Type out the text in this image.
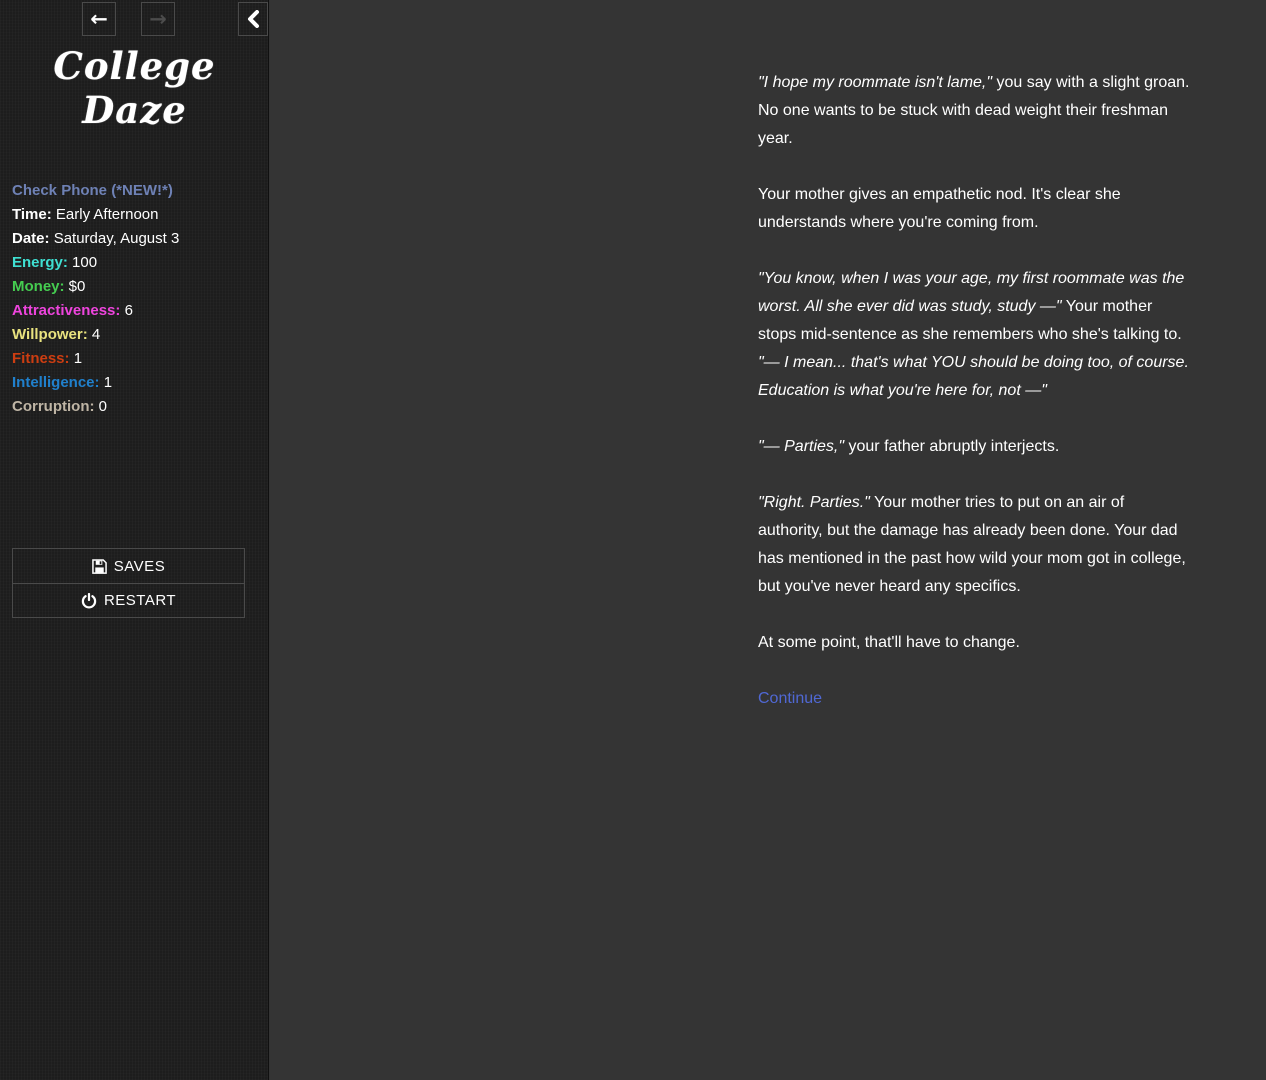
←	→
College Daze
Check Phone (*NEW!*)
Time: Early Afternoon
Date: Saturday, August 3
Energy: 100
Money: $0
Attractiveness: 6
Willpower: 4
Fitness: 1
Intelligence: 1
Corruption: 0
SAVES
RESTART

"I hope my roommate isn't lame," you say with a slight groan. No one wants to be stuck with dead weight their freshman year.

Your mother gives an empathetic nod. It's clear she understands where you're coming from.

"You know, when I was your age, my first roommate was the worst. All she ever did was study, study —" Your mother stops mid-sentence as she remembers who she's talking to. "— I mean... that's what YOU should be doing too, of course. Education is what you're here for, not —"

"— Parties," your father abruptly interjects.

"Right. Parties." Your mother tries to put on an air of authority, but the damage has already been done. Your dad has mentioned in the past how wild your mom got in college, but you've never heard any specifics.

At some point, that'll have to change.

Continue
